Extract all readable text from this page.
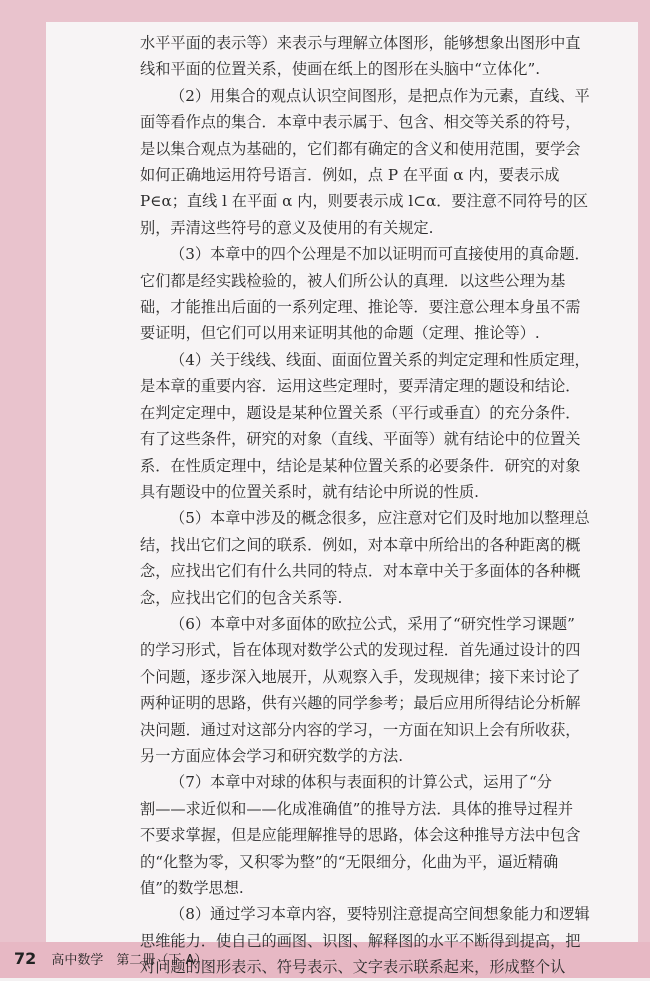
水平平面的表示等）来表示与理解立体图形，能够想象出图形中直
线和平面的位置关系，使画在纸上的图形在头脑中“立体化”.
（2）用集合的观点认识空间图形，是把点作为元素，直线、平
面等看作点的集合．本章中表示属于、包含、相交等关系的符号，
是以集合观点为基础的，它们都有确定的含义和使用范围，要学会
如何正确地运用符号语言．例如，点 P 在平面 α 内，要表示成
P∈α；直线 l 在平面 α 内，则要表示成 l⊂α．要注意不同符号的区
别，弄清这些符号的意义及使用的有关规定.
（3）本章中的四个公理是不加以证明而可直接使用的真命题．
它们都是经实践检验的，被人们所公认的真理．以这些公理为基
础，才能推出后面的一系列定理、推论等．要注意公理本身虽不需
要证明，但它们可以用来证明其他的命题（定理、推论等）.
（4）关于线线、线面、面面位置关系的判定定理和性质定理，
是本章的重要内容．运用这些定理时，要弄清定理的题设和结论．
在判定定理中，题设是某种位置关系（平行或垂直）的充分条件．
有了这些条件，研究的对象（直线、平面等）就有结论中的位置关
系．在性质定理中，结论是某种位置关系的必要条件．研究的对象
具有题设中的位置关系时，就有结论中所说的性质.
（5）本章中涉及的概念很多，应注意对它们及时地加以整理总
结，找出它们之间的联系．例如，对本章中所给出的各种距离的概
念，应找出它们有什么共同的特点．对本章中关于多面体的各种概
念，应找出它们的包含关系等.
（6）本章中对多面体的欧拉公式，采用了“研究性学习课题”
的学习形式，旨在体现对数学公式的发现过程．首先通过设计的四
个问题，逐步深入地展开，从观察入手，发现规律；接下来讨论了
两种证明的思路，供有兴趣的同学参考；最后应用所得结论分析解
决问题．通过对这部分内容的学习，一方面在知识上会有所收获，
另一方面应体会学习和研究数学的方法.
（7）本章中对球的体积与表面积的计算公式，运用了“分
割——求近似和——化成准确值”的推导方法．具体的推导过程并
不要求掌握，但是应能理解推导的思路，体会这种推导方法中包含
的“化整为零，又积零为整”的“无限细分，化曲为平，逼近精确
值”的数学思想.
（8）通过学习本章内容，要特别注意提高空间想象能力和逻辑
思维能力．使自己的画图、识图、解释图的水平不断得到提高，把
对问题的图形表示、符号表示、文字表示联系起来，形成整个认
72 高中数学　第二册（下 A）
